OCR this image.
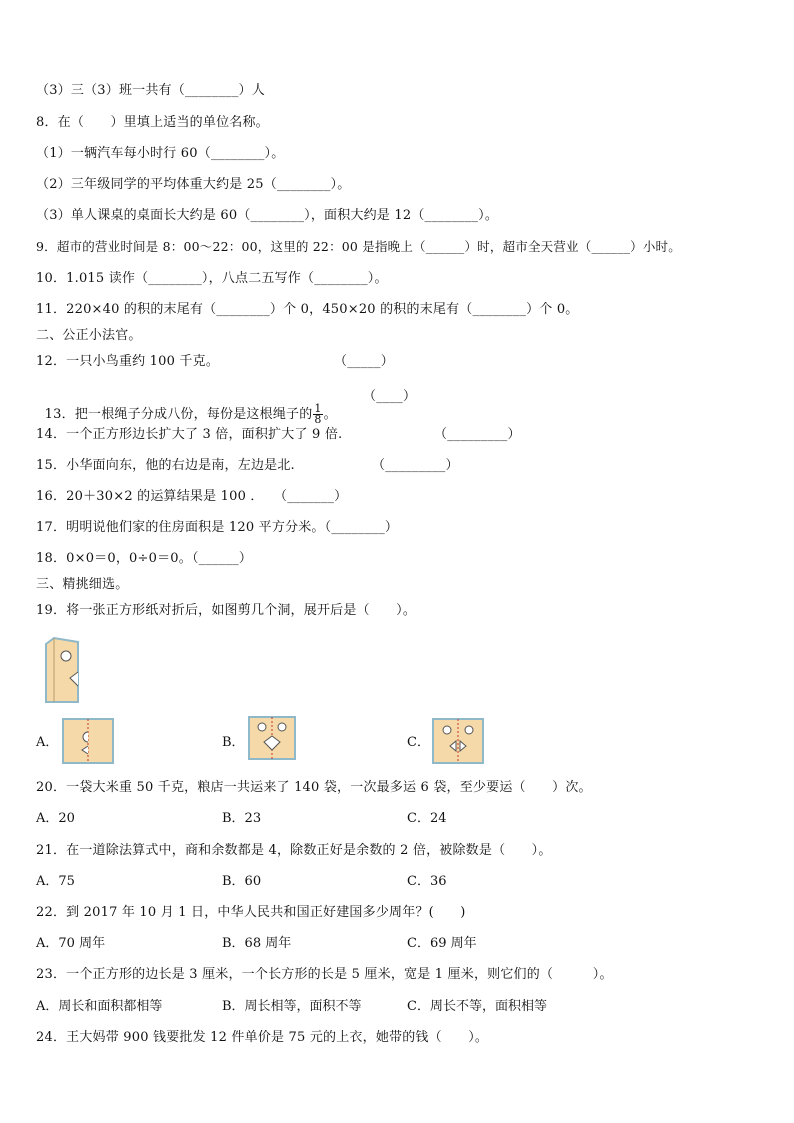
（3）三（3）班一共有（________）人
8．在（　　）里填上适当的单位名称。
（1）一辆汽车每小时行 60（________）。
（2）三年级同学的平均体重大约是 25（________）。
（3）单人课桌的桌面长大约是 60（________），面积大约是 12（________）。
9．超市的营业时间是 8：00～22：00，这里的 22：00 是指晚上（______）时，超市全天营业（______）小时。
10．1.015 读作（________），八点二五写作（________）。
11．220×40 的积的末尾有（________）个 0，450×20 的积的末尾有（________）个 0。
二、公正小法官。
12．一只小鸟重约 100 千克。	（_____）

13．把一根绳子分成八份，每份是这根绳子的 $\frac{1}{8}$ 。

（____）
14．一个正方形边长扩大了 3 倍，面积扩大了 9 倍.	（_________）
15．小华面向东，他的右边是南，左边是北.	（_________）
16．20＋30×2 的运算结果是 100 ． （_______）
17．明明说他们家的住房面积是 120 平方分米。（________）
18．0×0＝0，0÷0＝0。（______）
三、精挑细选。
19．将一张正方形纸对折后，如图剪几个洞，展开后是（　　）。
A．	B．	C．
20．一袋大米重 50 千克，粮店一共运来了 140 袋，一次最多运 6 袋，至少要运（　　）次。
A．20	B．23	C．24
21．在一道除法算式中，商和余数都是 4，除数正好是余数的 2 倍，被除数是（　　）。
A．75	B．60	C．36
22．到 2017 年 10 月 1 日，中华人民共和国正好建国多少周年？(　　)
A．70 周年	B．68 周年	C．69 周年
23．一个正方形的边长是 3 厘米，一个长方形的长是 5 厘米，宽是 1 厘米，则它们的（　　　）。
A．周长和面积都相等	B．周长相等，面积不等	C．周长不等，面积相等
24．王大妈带 900 钱要批发 12 件单价是 75 元的上衣，她带的钱（　　）。
